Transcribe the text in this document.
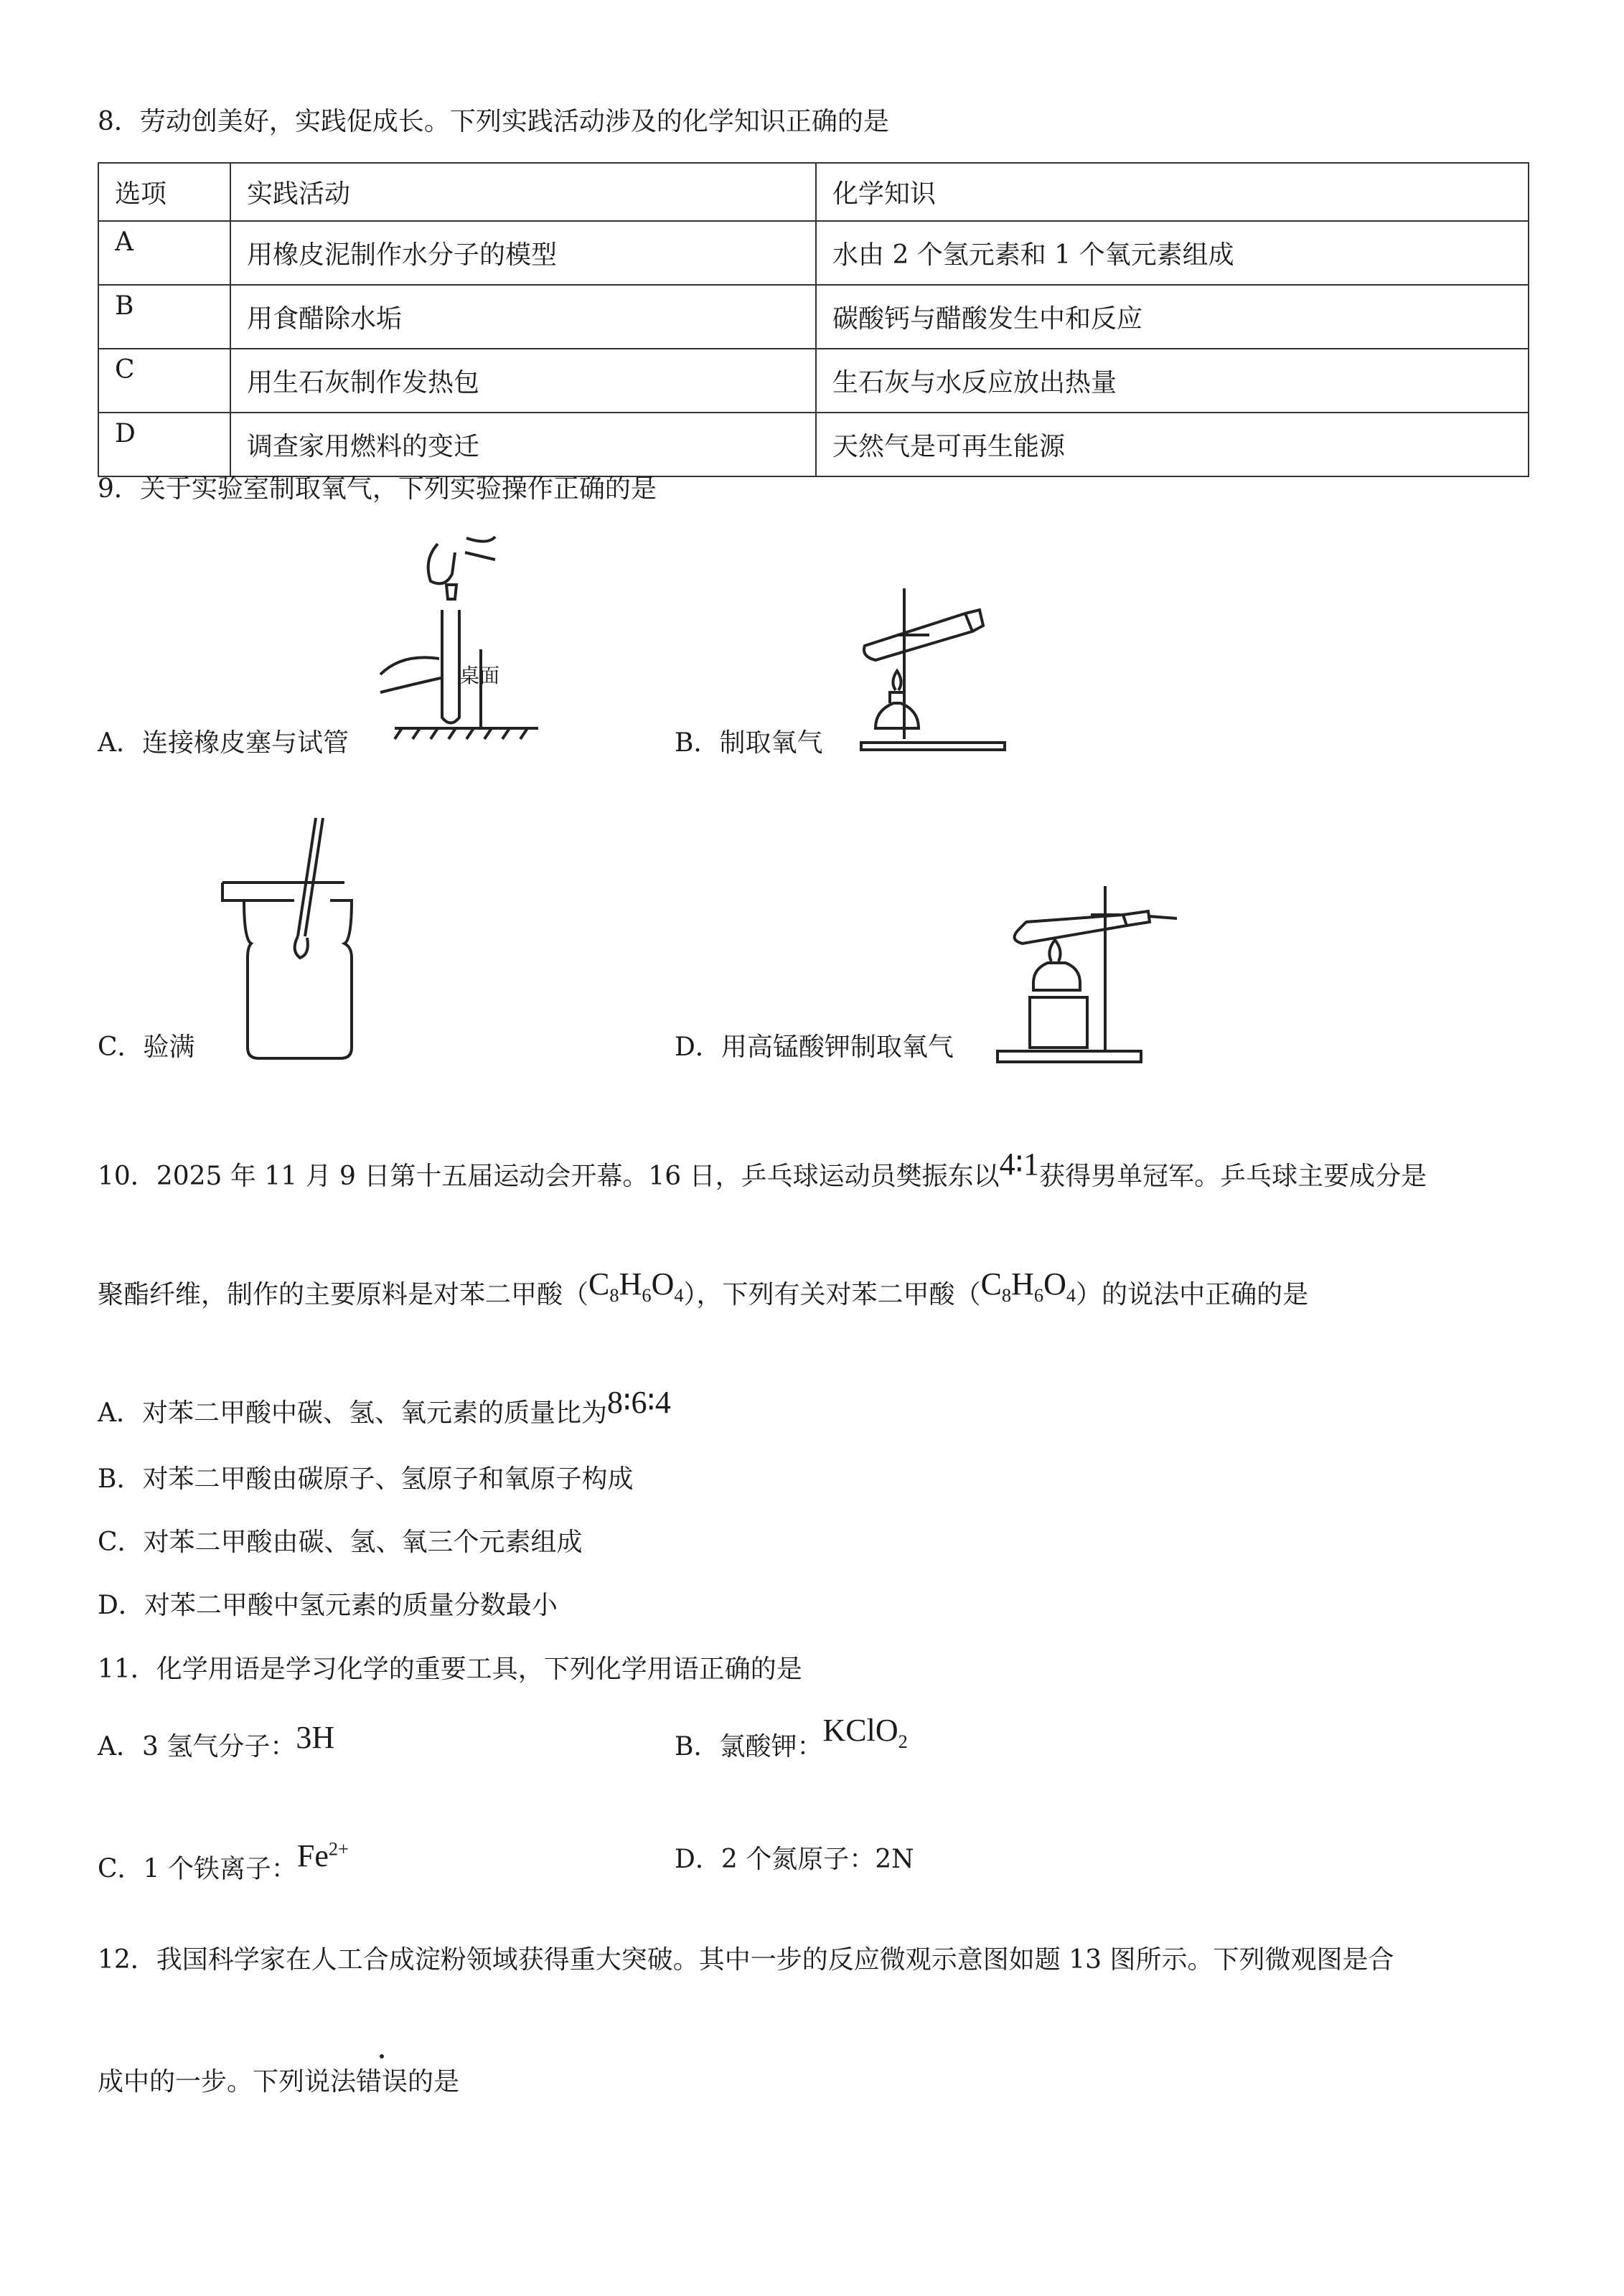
8．劳动创美好，实践促成长。下列实践活动涉及的化学知识正确的是
选项	实践活动	化学知识
A	用橡皮泥制作水分子的模型	水由 2 个氢元素和 1 个氧元素组成
B	用食醋除水垢	碳酸钙与醋酸发生中和反应
C	用生石灰制作发热包	生石灰与水反应放出热量
D	调查家用燃料的变迁	天然气是可再生能源
9．关于实验室制取氧气，下列实验操作正确的是
桌面
A．连接橡皮塞与试管	B．制取氧气
C．验满	D．用高锰酸钾制取氧气
10．2025 年 11 月 9 日第十五届运动会开幕。16 日，乒乓球运动员樊振东以4∶1获得男单冠军。乒乓球主要成分是
聚酯纤维，制作的主要原料是对苯二甲酸$(C_8H_6O_4)$，下列有关对苯二甲酸$(C_8H_6O_4)$的说法中正确的是
A．对苯二甲酸中碳、氢、氧元素的质量比为8∶6∶4
B．对苯二甲酸由碳原子、氢原子和氧原子构成
C．对苯二甲酸由碳、氢、氧三个元素组成
D．对苯二甲酸中氢元素的质量分数最小
11．化学用语是学习化学的重要工具，下列化学用语正确的是
A．3 氢气分子：3H	B．氯酸钾：KClO$_2$
C．1 个铁离子：$Fe^{2+}$	D．2 个氮原子：2N
12．我国科学家在人工合成淀粉领域获得重大突破。其中一步的反应微观示意图如题 13 图所示。下列微观图是合
成中的一步。下列说法错误的是
